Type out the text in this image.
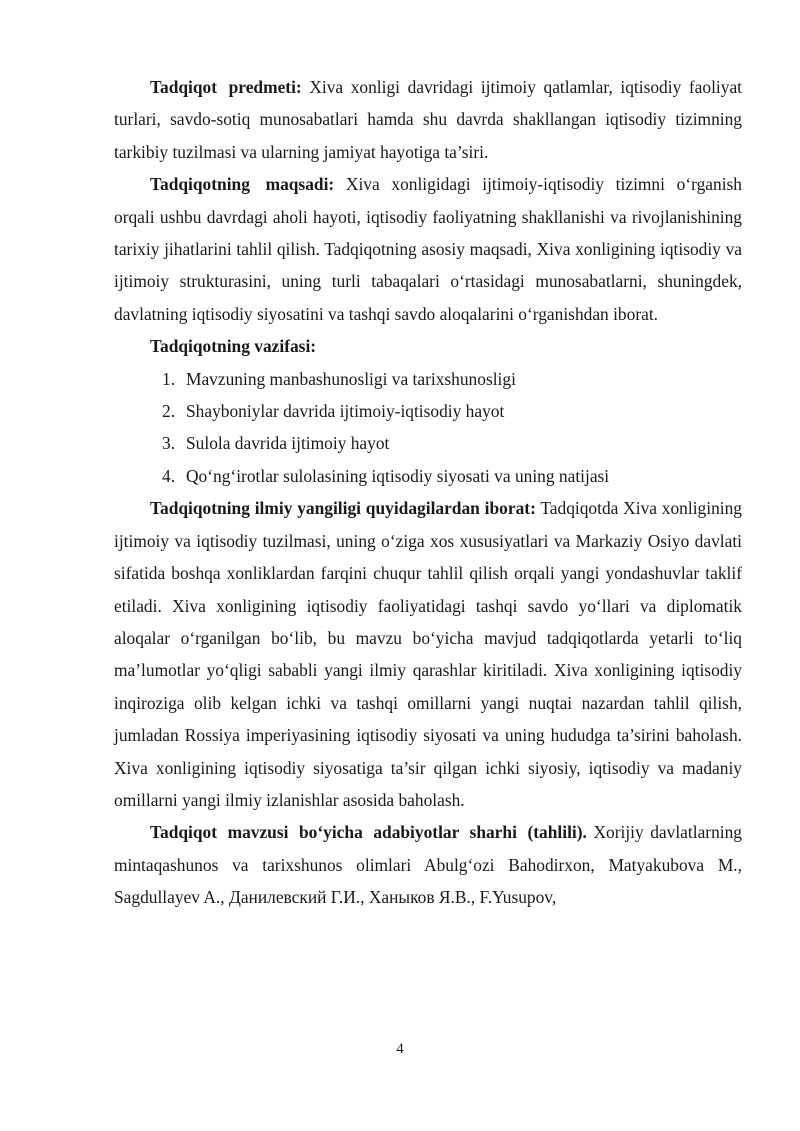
Tadqiqot predmeti: Xiva xonligi davridagi ijtimoiy qatlamlar, iqtisodiy faoliyat turlari, savdo-sotiq munosabatlari hamda shu davrda shakllangan iqtisodiy tizimning tarkibiy tuzilmasi va ularning jamiyat hayotiga ta’siri.

Tadqiqotning maqsadi: Xiva xonligidagi ijtimoiy-iqtisodiy tizimni o‘rganish orqali ushbu davrdagi aholi hayoti, iqtisodiy faoliyatning shakllanishi va rivojlanishining tarixiy jihatlarini tahlil qilish. Tadqiqotning asosiy maqsadi, Xiva xonligining iqtisodiy va ijtimoiy strukturasini, uning turli tabaqalari o‘rtasidagi munosabatlarni, shuningdek, davlatning iqtisodiy siyosatini va tashqi savdo aloqalarini o‘rganishdan iborat.

Tadqiqotning vazifasi:

1. Mavzuning manbashunosligi va tarixshunosligi
2. Shayboniylar davrida ijtimoiy-iqtisodiy hayot
3. Sulola davrida ijtimoiy hayot
4. Qo‘ng‘irotlar sulolasining iqtisodiy siyosati va uning natijasi

Tadqiqotning ilmiy yangiligi quyidagilardan iborat: Tadqiqotda Xiva xonligining ijtimoiy va iqtisodiy tuzilmasi, uning o‘ziga xos xususiyatlari va Markaziy Osiyo davlati sifatida boshqa xonliklardan farqini chuqur tahlil qilish orqali yangi yondashuvlar taklif etiladi. Xiva xonligining iqtisodiy faoliyatidagi tashqi savdo yo‘llari va diplomatik aloqalar o‘rganilgan bo‘lib, bu mavzu bo‘yicha mavjud tadqiqotlarda yetarli to‘liq ma’lumotlar yo‘qligi sababli yangi ilmiy qarashlar kiritiladi. Xiva xonligining iqtisodiy inqiroziga olib kelgan ichki va tashqi omillarni yangi nuqtai nazardan tahlil qilish, jumladan Rossiya imperiyasining iqtisodiy siyosati va uning hududga ta’sirini baholash. Xiva xonligining iqtisodiy siyosatiga ta’sir qilgan ichki siyosiy, iqtisodiy va madaniy omillarni yangi ilmiy izlanishlar asosida baholash.

Tadqiqot mavzusi bo‘yicha adabiyotlar sharhi (tahlili). Xorijiy davlatlarning mintaqashunos va tarixshunos olimlari Abulg‘ozi Bahodirxon, Matyakubova M., Sagdullayev A., Данилевский Г.И., Ханыков Я.В., F.Yusupov,

4
